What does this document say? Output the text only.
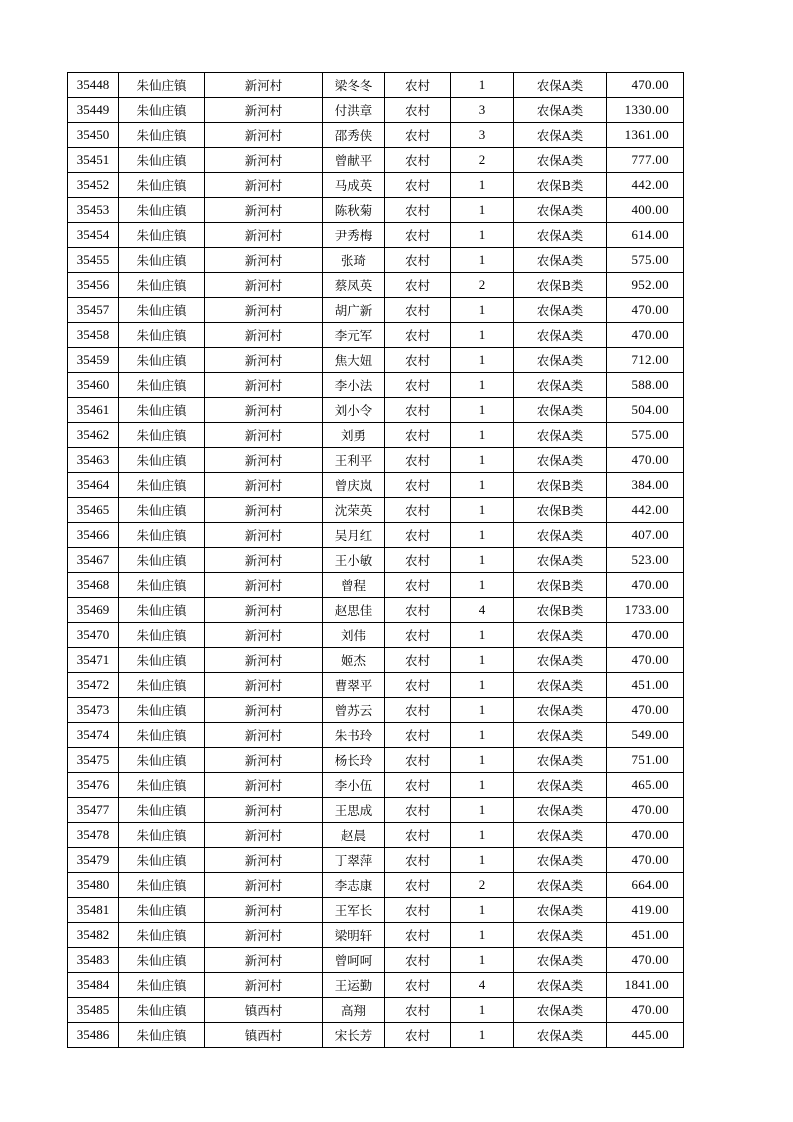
35448	朱仙庄镇	新河村	梁冬冬	农村	1	农保A类	470.00
35449	朱仙庄镇	新河村	付洪章	农村	3	农保A类	1330.00
35450	朱仙庄镇	新河村	邵秀侠	农村	3	农保A类	1361.00
35451	朱仙庄镇	新河村	曾献平	农村	2	农保A类	777.00
35452	朱仙庄镇	新河村	马成英	农村	1	农保B类	442.00
35453	朱仙庄镇	新河村	陈秋菊	农村	1	农保A类	400.00
35454	朱仙庄镇	新河村	尹秀梅	农村	1	农保A类	614.00
35455	朱仙庄镇	新河村	张琦	农村	1	农保A类	575.00
35456	朱仙庄镇	新河村	蔡凤英	农村	2	农保B类	952.00
35457	朱仙庄镇	新河村	胡广新	农村	1	农保A类	470.00
35458	朱仙庄镇	新河村	李元军	农村	1	农保A类	470.00
35459	朱仙庄镇	新河村	焦大妞	农村	1	农保A类	712.00
35460	朱仙庄镇	新河村	李小法	农村	1	农保A类	588.00
35461	朱仙庄镇	新河村	刘小令	农村	1	农保A类	504.00
35462	朱仙庄镇	新河村	刘勇	农村	1	农保A类	575.00
35463	朱仙庄镇	新河村	王利平	农村	1	农保A类	470.00
35464	朱仙庄镇	新河村	曾庆岚	农村	1	农保B类	384.00
35465	朱仙庄镇	新河村	沈荣英	农村	1	农保B类	442.00
35466	朱仙庄镇	新河村	吴月红	农村	1	农保A类	407.00
35467	朱仙庄镇	新河村	王小敏	农村	1	农保A类	523.00
35468	朱仙庄镇	新河村	曾程	农村	1	农保B类	470.00
35469	朱仙庄镇	新河村	赵思佳	农村	4	农保B类	1733.00
35470	朱仙庄镇	新河村	刘伟	农村	1	农保A类	470.00
35471	朱仙庄镇	新河村	姬杰	农村	1	农保A类	470.00
35472	朱仙庄镇	新河村	曹翠平	农村	1	农保A类	451.00
35473	朱仙庄镇	新河村	曾苏云	农村	1	农保A类	470.00
35474	朱仙庄镇	新河村	朱书玲	农村	1	农保A类	549.00
35475	朱仙庄镇	新河村	杨长玲	农村	1	农保A类	751.00
35476	朱仙庄镇	新河村	李小伍	农村	1	农保A类	465.00
35477	朱仙庄镇	新河村	王思成	农村	1	农保A类	470.00
35478	朱仙庄镇	新河村	赵晨	农村	1	农保A类	470.00
35479	朱仙庄镇	新河村	丁翠萍	农村	1	农保A类	470.00
35480	朱仙庄镇	新河村	李志康	农村	2	农保A类	664.00
35481	朱仙庄镇	新河村	王军长	农村	1	农保A类	419.00
35482	朱仙庄镇	新河村	梁明轩	农村	1	农保A类	451.00
35483	朱仙庄镇	新河村	曾呵呵	农村	1	农保A类	470.00
35484	朱仙庄镇	新河村	王运勤	农村	4	农保A类	1841.00
35485	朱仙庄镇	镇西村	高翔	农村	1	农保A类	470.00
35486	朱仙庄镇	镇西村	宋长芳	农村	1	农保A类	445.00
